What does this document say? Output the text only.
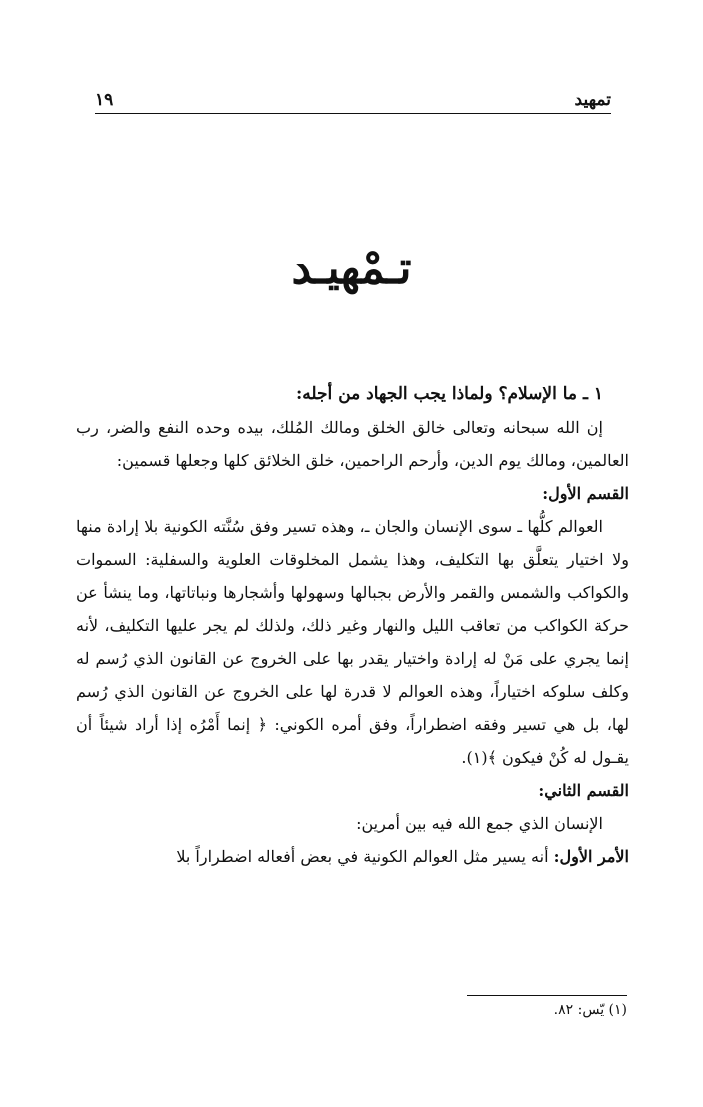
تمهيد
١٩
تـمْهيـد

١ ـ ما الإسلام؟ ولماذا يجب الجهاد من أجله:

إن الله سبحانه وتعالى خالق الخلق ومالك المُلك، بيده وحده النفع والضر، رب العالمين، ومالك يوم الدين، وأرحم الراحمين، خلق الخلائق كلها وجعلها قسمين:

القسم الأول:

العوالم كلُّها ـ سوى الإنسان والجان ـ، وهذه تسير وفق سُنَّته الكونية بلا إرادة منها ولا اختيار يتعلَّق بها التكليف، وهذا يشمل المخلوقات العلوية والسفلية: السموات والكواكب والشمس والقمر والأرض بجبالها وسهولها وأشجارها ونباتاتها، وما ينشأ عن حركة الكواكب من تعاقب الليل والنهار وغير ذلك، ولذلك لم يجر عليها التكليف، لأنه إنما يجري على مَنْ له إرادة واختيار يقدر بها على الخروج عن القانون الذي رُسم له وكلف سلوكه اختياراً، وهذه العوالم لا قدرة لها على الخروج عن القانون الذي رُسم لها، بل هي تسير وفقه اضطراراً، وفق أمره الكوني: ﴿ إنما أَمْرُه إذا أراد شيئاً أن يقـول له كُنْ فيكون ﴾(١).

القسم الثاني:

الإنسان الذي جمع الله فيه بين أمرين:

الأمر الأول: أنه يسير مثل العوالم الكونية في بعض أفعاله اضطراراً بلا

(١) يّس: ٨٢.
